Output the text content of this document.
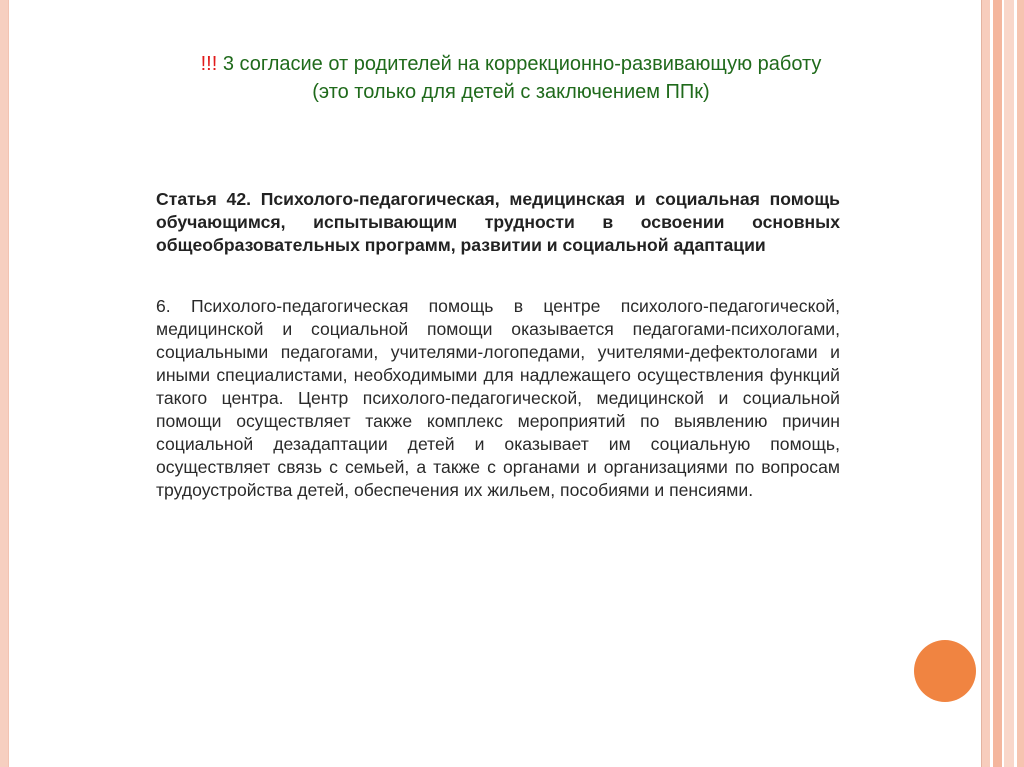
!!! 3 согласие от родителей на коррекционно-развивающую работу
(это только для детей с заключением ППк)

Статья 42. Психолого-педагогическая, медицинская и социальная помощь обучающимся, испытывающим трудности в освоении основных общеобразовательных программ, развитии и социальной адаптации

6. Психолого-педагогическая помощь в центре психолого-педагогической, медицинской и социальной помощи оказывается педагогами-психологами, социальными педагогами, учителями-логопедами, учителями-дефектологами и иными специалистами, необходимыми для надлежащего осуществления функций такого центра. Центр психолого-педагогической, медицинской и социальной помощи осуществляет также комплекс мероприятий по выявлению причин социальной дезадаптации детей и оказывает им социальную помощь, осуществляет связь с семьей, а также с органами и организациями по вопросам трудоустройства детей, обеспечения их жильем, пособиями и пенсиями.
